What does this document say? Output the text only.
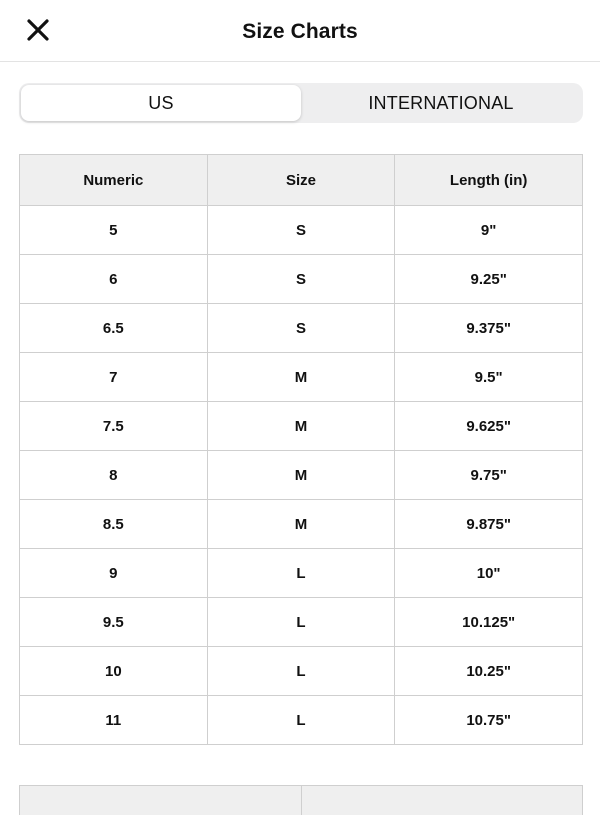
Size Charts
US	INTERNATIONAL
Numeric	Size	Length (in)
5	S	9"
6	S	9.25"
6.5	S	9.375"
7	M	9.5"
7.5	M	9.625"
8	M	9.75"
8.5	M	9.875"
9	L	10"
9.5	L	10.125"
10	L	10.25"
11	L	10.75"
